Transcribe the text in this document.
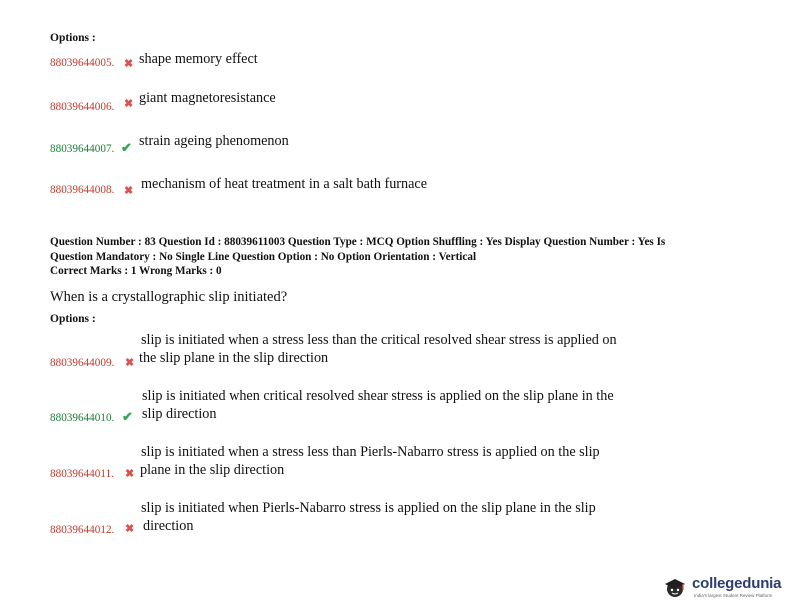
Options :
88039644005. ✖ shape memory effect
88039644006. ✖ giant magnetoresistance
88039644007. ✔ strain ageing phenomenon
88039644008. ✖ mechanism of heat treatment in a salt bath furnace
Question Number : 83 Question Id : 88039611003 Question Type : MCQ Option Shuffling : Yes Display Question Number : Yes Is
Question Mandatory : No Single Line Question Option : No Option Orientation : Vertical
Correct Marks : 1 Wrong Marks : 0
When is a crystallographic slip initiated?
Options :
88039644009. ✖
slip is initiated when a stress less than the critical resolved shear stress is applied on
the slip plane in the slip direction
88039644010. ✔
slip is initiated when critical resolved shear stress is applied on the slip plane in the
slip direction
88039644011. ✖
slip is initiated when a stress less than Pierls-Nabarro stress is applied on the slip
plane in the slip direction
88039644012. ✖
slip is initiated when Pierls-Nabarro stress is applied on the slip plane in the slip
direction
collegedunia
India's largest Student Review Platform
